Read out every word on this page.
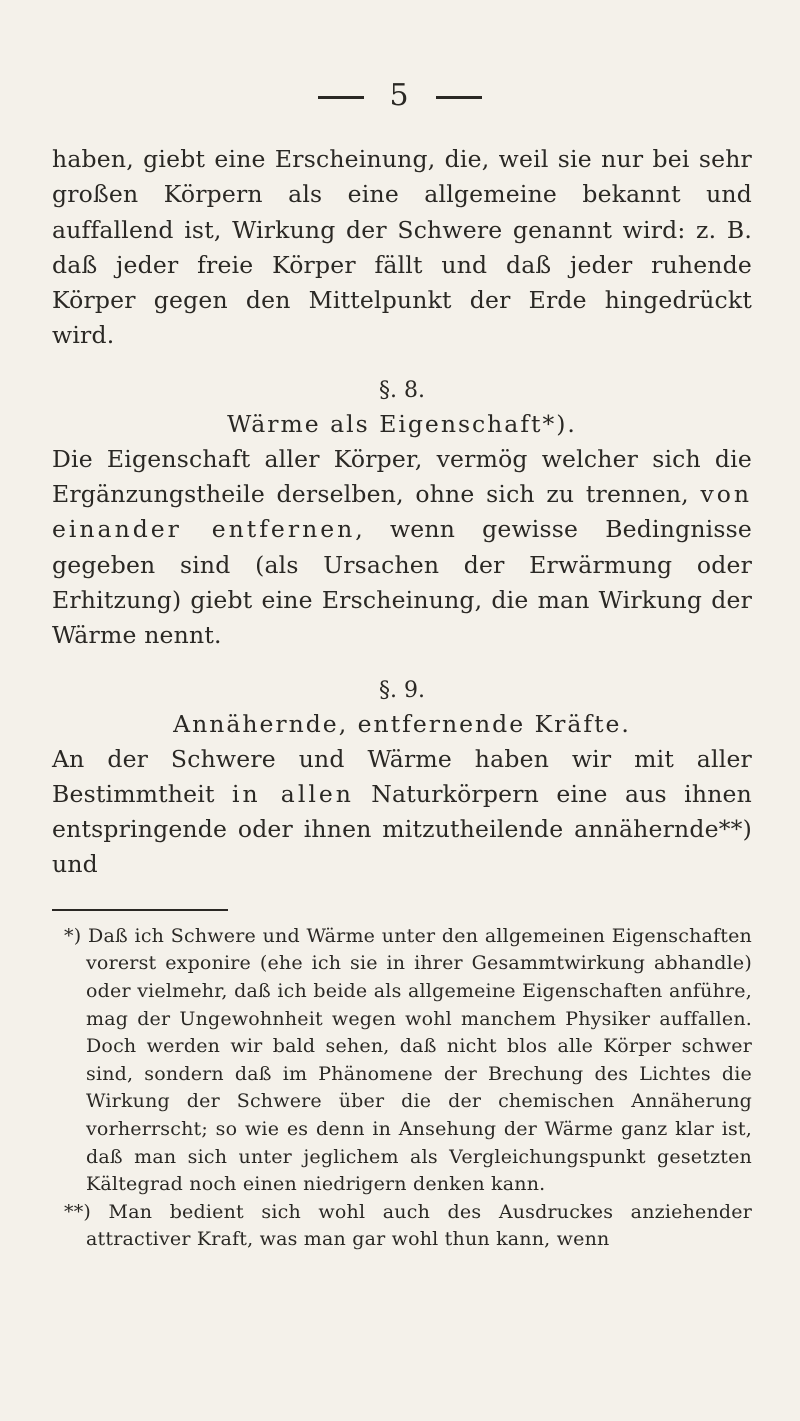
5

haben, giebt eine Erscheinung, die, weil sie nur bei sehr großen Körpern als eine allgemeine bekannt und auffallend ist, Wirkung der Schwere genannt wird: z. B. daß jeder freie Körper fällt und daß jeder ruhende Körper gegen den Mittelpunkt der Erde hingedrückt wird.

§. 8.
Wärme als Eigenschaft*).

Die Eigenschaft aller Körper, vermög welcher sich die Ergänzungstheile derselben, ohne sich zu trennen, von einander entfernen, wenn gewisse Bedingnisse gegeben sind (als Ursachen der Erwärmung oder Erhitzung) giebt eine Erscheinung, die man Wirkung der Wärme nennt.

§. 9.
Annähernde, entfernende Kräfte.

An der Schwere und Wärme haben wir mit aller Bestimmtheit in allen Naturkörpern eine aus ihnen entspringende oder ihnen mitzutheilende annähernde**) und

*) Daß ich Schwere und Wärme unter den allgemeinen Eigenschaften vorerst exponire (ehe ich sie in ihrer Gesammtwirkung abhandle) oder vielmehr, daß ich beide als allgemeine Eigenschaften anführe, mag der Ungewohnheit wegen wohl manchem Physiker auffallen. Doch werden wir bald sehen, daß nicht blos alle Körper schwer sind, sondern daß im Phänomene der Brechung des Lichtes die Wirkung der Schwere über die der chemischen Annäherung vorherrscht; so wie es denn in Ansehung der Wärme ganz klar ist, daß man sich unter jeglichem als Vergleichungspunkt gesetzten Kältegrad noch einen niedrigern denken kann.

**) Man bedient sich wohl auch des Ausdruckes anziehender attractiver Kraft, was man gar wohl thun kann, wenn
